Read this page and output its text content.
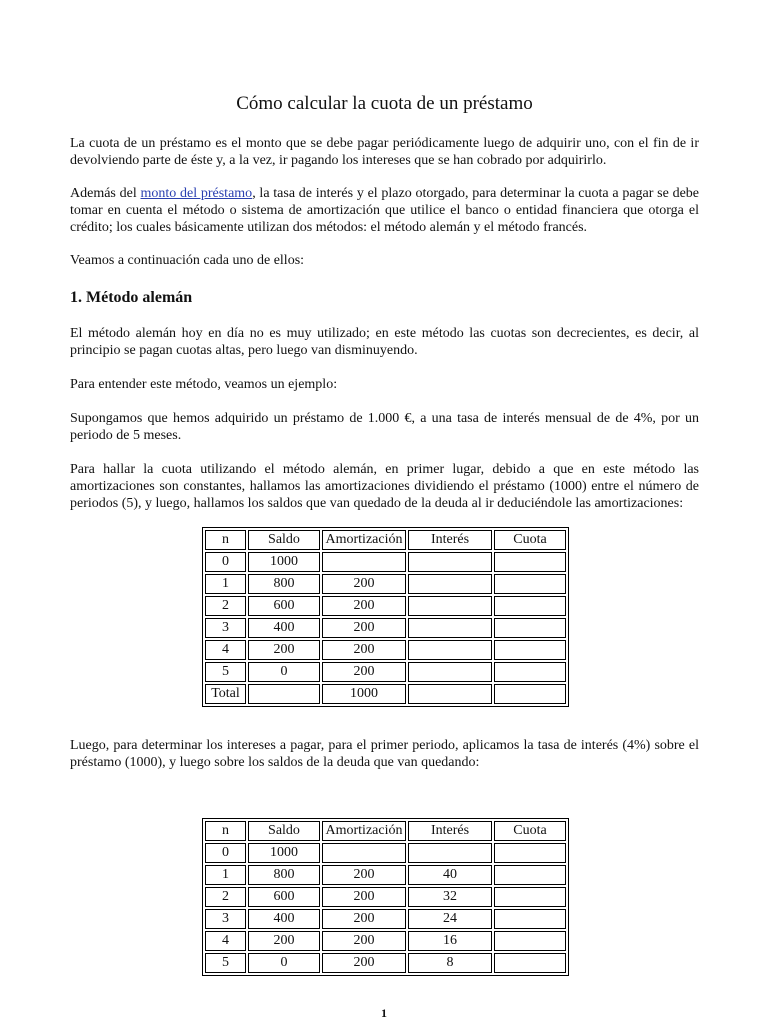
Cómo calcular la cuota de un préstamo

La cuota de un préstamo es el monto que se debe pagar periódicamente luego de adquirir uno, con el fin de ir devolviendo parte de éste y, a la vez, ir pagando los intereses que se han cobrado por adquirirlo.

Además del monto del préstamo, la tasa de interés y el plazo otorgado, para determinar la cuota a pagar se debe tomar en cuenta el método o sistema de amortización que utilice el banco o entidad financiera que otorga el crédito; los cuales básicamente utilizan dos métodos: el método alemán y el método francés.

Veamos a continuación cada uno de ellos:

1. Método alemán

El método alemán hoy en día no es muy utilizado; en este método las cuotas son decrecientes, es decir, al principio se pagan cuotas altas, pero luego van disminuyendo.

Para entender este método, veamos un ejemplo:

Supongamos que hemos adquirido un préstamo de 1.000 €, a una tasa de interés mensual de de 4%, por un periodo de 5 meses.

Para hallar la cuota utilizando el método alemán, en primer lugar, debido a que en este método las amortizaciones son constantes, hallamos las amortizaciones dividiendo el préstamo (1000) entre el número de periodos (5), y luego, hallamos los saldos que van quedado de la deuda al ir deduciéndole las amortizaciones:

n	Saldo	Amortización	Interés	Cuota
0	1000			
1	800	200		
2	600	200		
3	400	200		
4	200	200		
5	0	200		
Total		1000		

Luego, para determinar los intereses a pagar, para el primer periodo, aplicamos la tasa de interés (4%) sobre el préstamo (1000), y luego sobre los saldos de la deuda que van quedando:

n	Saldo	Amortización	Interés	Cuota
0	1000			
1	800	200	40	
2	600	200	32	
3	400	200	24	
4	200	200	16	
5	0	200	8	
1
